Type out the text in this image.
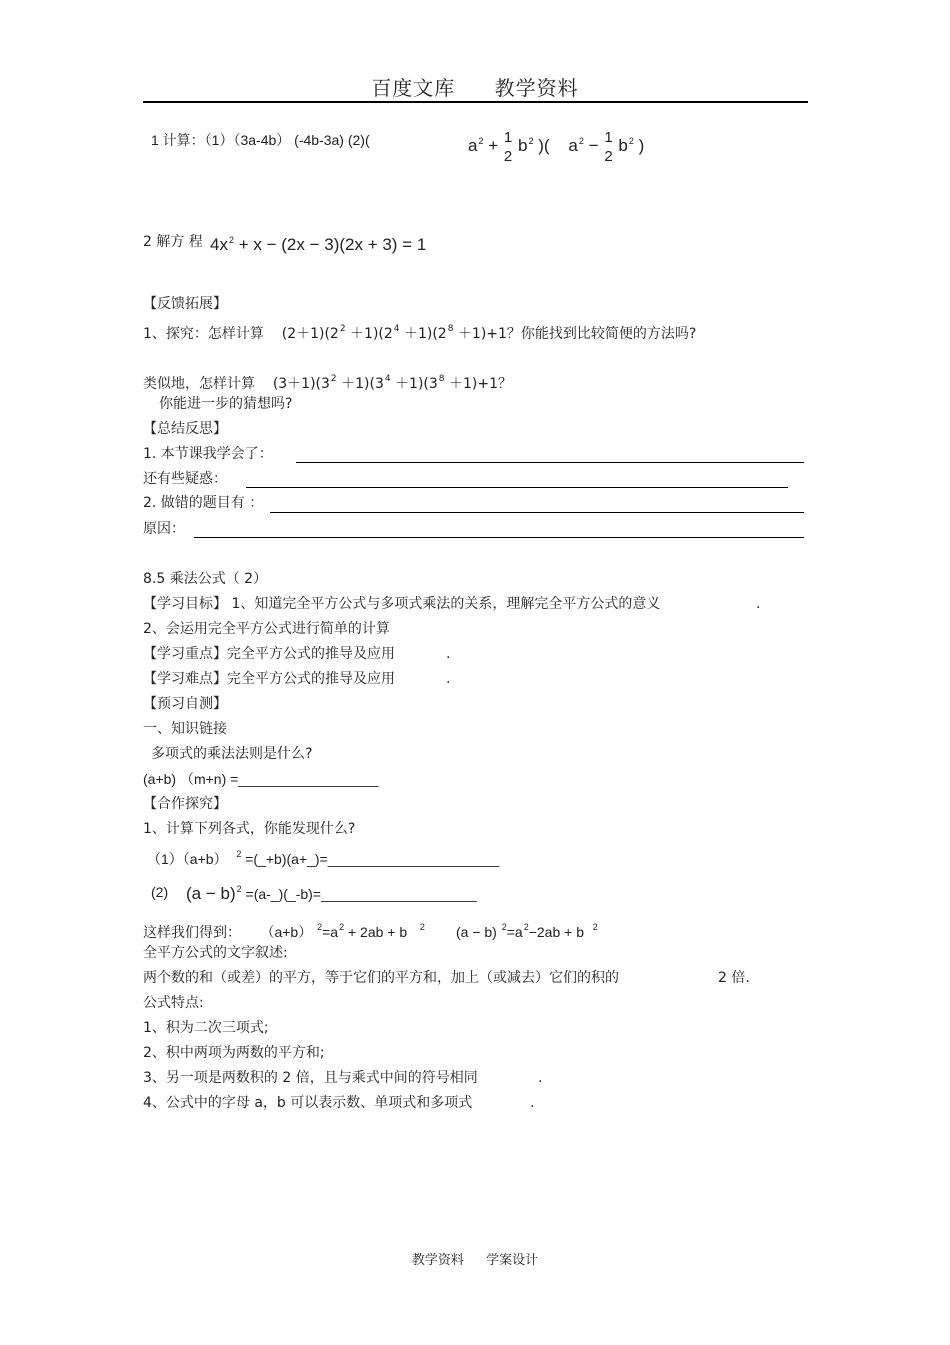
百度文库 教学资料
1 计算：（1）（3a-4b） (-4b-3a) (2)(	$a^2 + 1$
2
$b^2$ )( $a^2 - 1$
2
$b^2$ )
2 解方 程 $4x^2 + x - (2x - 3)(2x + 3) = 1$
【反馈拓展】
1、探究：怎样计算 $(2+1)(2^2 +1)(2^4 +1)(2^8 +1)+1$？你能找到比较简便的方法吗?
类似地，怎样计算 $(3+1)(3^2 +1)(3^4 +1)(3^8 +1)+1$？
你能进一步的猜想吗?
【总结反思】
1. 本节课我学会了：
还有些疑惑：
2. 做错的题目有 ：
原因：
8.5 乘法公式（ 2）
【学习目标】 1、知道完全平方公式与多项式乘法的关系，理解完全平方公式的意义	.
2、会运用完全平方公式进行简单的计算
【学习重点】完全平方公式的推导及应用	.
【学习难点】完全平方公式的推导及应用	.
【预习自测】
一、知识链接
多项式的乘法法则是什么?
(a+b) （m+n) =__________________
【合作探究】
1、计算下列各式，你能发现什么?
（1）（a+b） $^2$ =(_+b)(a+_)=______________________
(2) $(a - b)^2$ =(a-_)(_-b)=____________________
这样我们得到： （a+b） $^2=a^2 + 2ab + b$ $^2$ (a − b) $^2=a^2-2ab + b$ $^2$
全平方公式的文字叙述:
两个数的和（或差）的平方，等于它们的平方和，加上（或减去）它们的积的	2 倍.
公式特点:
1、积为二次三项式;
2、积中两项为两数的平方和;
3、另一项是两数积的 2 倍，且与乘式中间的符号相同	.
4、公式中的字母 a，b 可以表示数、单项式和多项式	.
教学资料 学案设计
